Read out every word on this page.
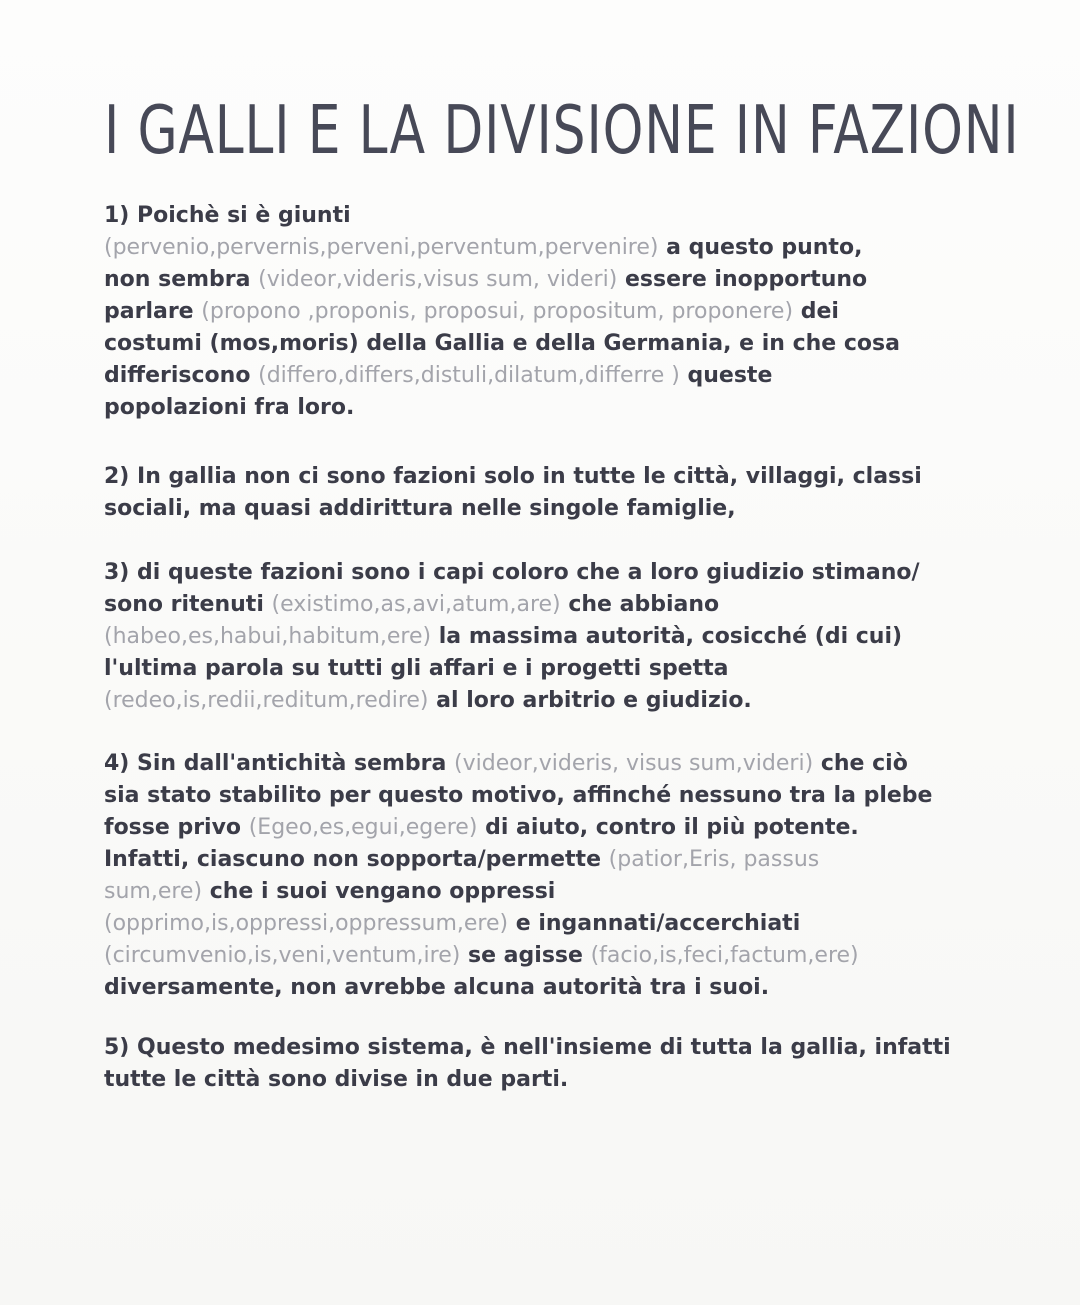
I GALLI E LA DIVISIONE IN FAZIONI

1) Poichè si è giunti
(pervenio,pervernis,perveni,perventum,pervenire) a questo punto,
non sembra (videor,videris,visus sum, videri) essere inopportuno
parlare (propono ,proponis, proposui, propositum, proponere) dei
costumi (mos,moris) della Gallia e della Germania, e in che cosa
differiscono (differo,differs,distuli,dilatum,differre ) queste
popolazioni fra loro.

2) In gallia non ci sono fazioni solo in tutte le città, villaggi, classi
sociali, ma quasi addirittura nelle singole famiglie,

3) di queste fazioni sono i capi coloro che a loro giudizio stimano/
sono ritenuti (existimo,as,avi,atum,are) che abbiano
(habeo,es,habui,habitum,ere) la massima autorità, cosicché (di cui)
l'ultima parola su tutti gli affari e i progetti spetta
(redeo,is,redii,reditum,redire) al loro arbitrio e giudizio.

4) Sin dall'antichità sembra (videor,videris, visus sum,videri) che ciò
sia stato stabilito per questo motivo, affinché nessuno tra la plebe
fosse privo (Egeo,es,egui,egere) di aiuto, contro il più potente.
Infatti, ciascuno non sopporta/permette (patior,Eris, passus
sum,ere) che i suoi vengano oppressi
(opprimo,is,oppressi,oppressum,ere) e ingannati/accerchiati
(circumvenio,is,veni,ventum,ire) se agisse (facio,is,feci,factum,ere)
diversamente, non avrebbe alcuna autorità tra i suoi.

5) Questo medesimo sistema, è nell'insieme di tutta la gallia, infatti
tutte le città sono divise in due parti.
